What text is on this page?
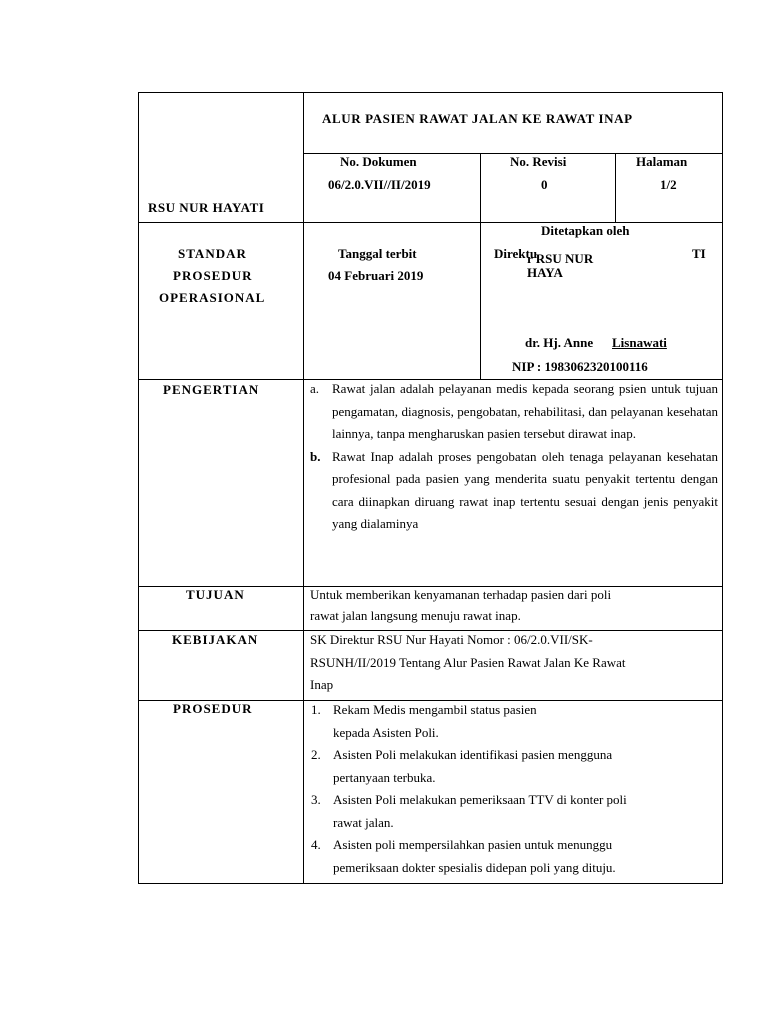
RSU NUR HAYATI
ALUR PASIEN RAWAT JALAN KE RAWAT INAP
No. Dokumen
06/2.0.VII//II/2019
No. Revisi
0
Halaman
1/2
STANDAR
PROSEDUR
OPERASIONAL
Tanggal terbit
04 Februari 2019
Ditetapkan oleh
Direktu
r RSU NUR	TI
HAYA
dr. Hj. Anne Lisnawati
NIP : 1983062320100116
PENGERTIAN
TUJUAN
KEBIJAKAN
PROSEDUR

a. Rawat jalan adalah pelayanan medis kepada seorang psien untuk tujuan pengamatan, diagnosis, pengobatan, rehabilitasi, dan pelayanan kesehatan lainnya, tanpa mengharuskan pasien tersebut dirawat inap.

b. Rawat Inap adalah proses pengobatan oleh tenaga pelayanan kesehatan profesional pada pasien yang menderita suatu penyakit tertentu dengan cara diinapkan diruang rawat inap tertentu sesuai dengan jenis penyakit yang dialaminya

Untuk memberikan kenyamanan terhadap pasien dari poli
rawat jalan langsung menuju rawat inap.
SK Direktur RSU Nur Hayati Nomor : 06/2.0.VII/SK-
RSUNH/II/2019 Tentang Alur Pasien Rawat Jalan Ke Rawat
Inap
1. Rekam Medis mengambil status pasien
kepada Asisten Poli.
2. Asisten Poli melakukan identifikasi pasien mengguna
pertanyaan terbuka.
3. Asisten Poli melakukan pemeriksaan TTV di konter poli
rawat jalan.
4. Asisten poli mempersilahkan pasien untuk menunggu
pemeriksaan dokter spesialis didepan poli yang dituju.
